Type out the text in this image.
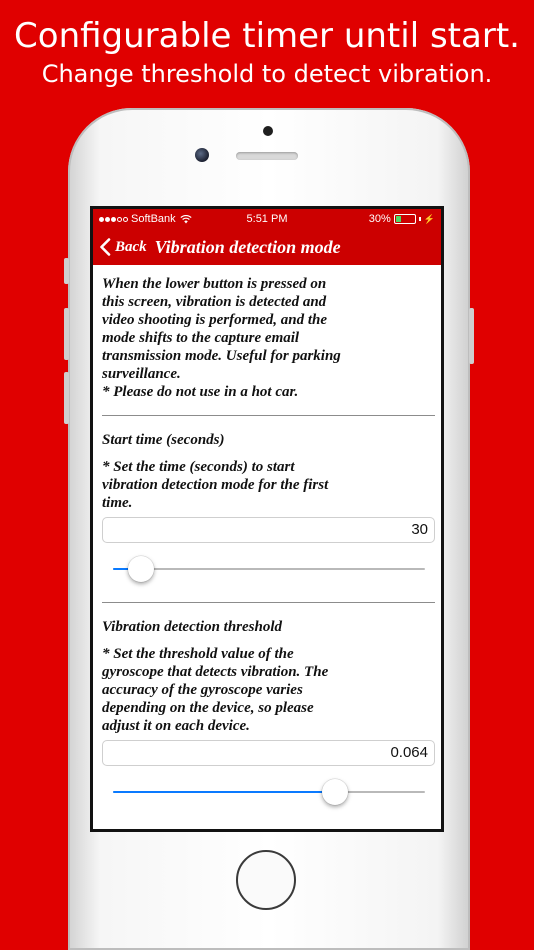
Configurable timer until start.
Change threshold to detect vibration.
SoftBank	5:51 PM	30%	⚡
Back Vibration detection mode

When the lower button is pressed on

this screen, vibration is detected and

video shooting is performed, and the

mode shifts to the capture email

transmission mode. Useful for parking

surveillance.

* Please do not use in a hot car.

Start time (seconds)

* Set the time (seconds) to start

vibration detection mode for the first

time.

30

Vibration detection threshold

* Set the threshold value of the

gyroscope that detects vibration. The

accuracy of the gyroscope varies

depending on the device, so please

adjust it on each device.

0.064
